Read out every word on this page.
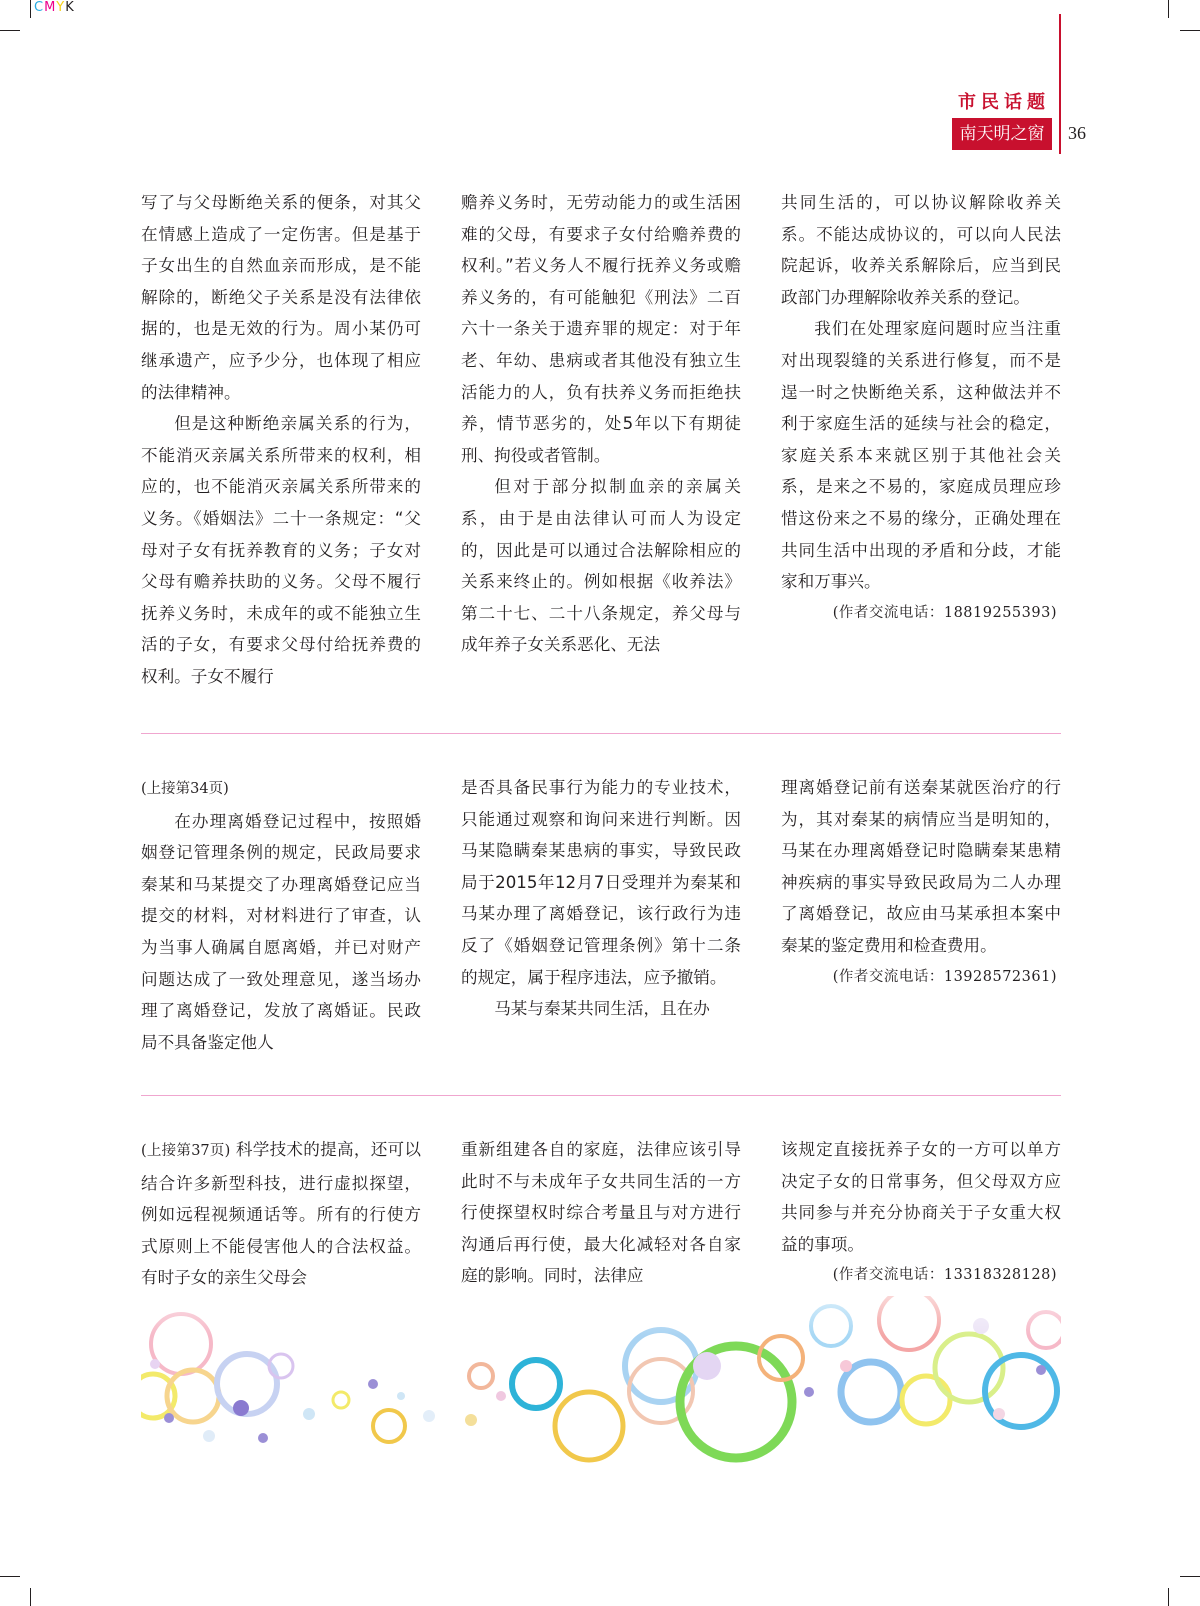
CMYK
市民话题
南天明之窗	36

写了与父母断绝关系的便条，对其父在情感上造成了一定伤害。但是基于子女出生的自然血亲而形成，是不能解除的，断绝父子关系是没有法律依据的，也是无效的行为。周小某仍可继承遗产，应予少分，也体现了相应的法律精神。

但是这种断绝亲属关系的行为，不能消灭亲属关系所带来的权利，相应的，也不能消灭亲属关系所带来的义务。《婚姻法》二十一条规定：“父母对子女有抚养教育的义务；子女对父母有赡养扶助的义务。父母不履行抚养义务时，未成年的或不能独立生活的子女，有要求父母付给抚养费的权利。子女不履行

赡养义务时，无劳动能力的或生活困难的父母，有要求子女付给赡养费的权利。”若义务人不履行抚养义务或赡养义务的，有可能触犯《刑法》二百六十一条关于遗弃罪的规定：对于年老、年幼、患病或者其他没有独立生活能力的人，负有扶养义务而拒绝扶养，情节恶劣的，处5年以下有期徒刑、拘役或者管制。

但对于部分拟制血亲的亲属关系，由于是由法律认可而人为设定的，因此是可以通过合法解除相应的关系来终止的。例如根据《收养法》第二十七、二十八条规定，养父母与成年养子女关系恶化、无法

共同生活的，可以协议解除收养关系。不能达成协议的，可以向人民法院起诉，收养关系解除后，应当到民政部门办理解除收养关系的登记。

我们在处理家庭问题时应当注重对出现裂缝的关系进行修复，而不是逞一时之快断绝关系，这种做法并不利于家庭生活的延续与社会的稳定，家庭关系本来就区别于其他社会关系，是来之不易的，家庭成员理应珍惜这份来之不易的缘分，正确处理在共同生活中出现的矛盾和分歧，才能家和万事兴。

(作者交流电话：18819255393)

(上接第34页)

在办理离婚登记过程中，按照婚姻登记管理条例的规定，民政局要求秦某和马某提交了办理离婚登记应当提交的材料，对材料进行了审查，认为当事人确属自愿离婚，并已对财产问题达成了一致处理意见，遂当场办理了离婚登记，发放了离婚证。民政局不具备鉴定他人

是否具备民事行为能力的专业技术，只能通过观察和询问来进行判断。因马某隐瞒秦某患病的事实，导致民政局于2015年12月7日受理并为秦某和马某办理了离婚登记，该行政行为违反了《婚姻登记管理条例》第十二条的规定，属于程序违法，应予撤销。

马某与秦某共同生活，且在办

理离婚登记前有送秦某就医治疗的行为，其对秦某的病情应当是明知的，马某在办理离婚登记时隐瞒秦某患精神疾病的事实导致民政局为二人办理了离婚登记，故应由马某承担本案中秦某的鉴定费用和检查费用。

(作者交流电话：13928572361)

(上接第37页) 科学技术的提高，还可以结合许多新型科技，进行虚拟探望，例如远程视频通话等。所有的行使方式原则上不能侵害他人的合法权益。有时子女的亲生父母会

重新组建各自的家庭，法律应该引导此时不与未成年子女共同生活的一方行使探望权时综合考量且与对方进行沟通后再行使，最大化减轻对各自家庭的影响。同时，法律应

该规定直接抚养子女的一方可以单方决定子女的日常事务，但父母双方应共同参与并充分协商关于子女重大权益的事项。

(作者交流电话：13318328128)
